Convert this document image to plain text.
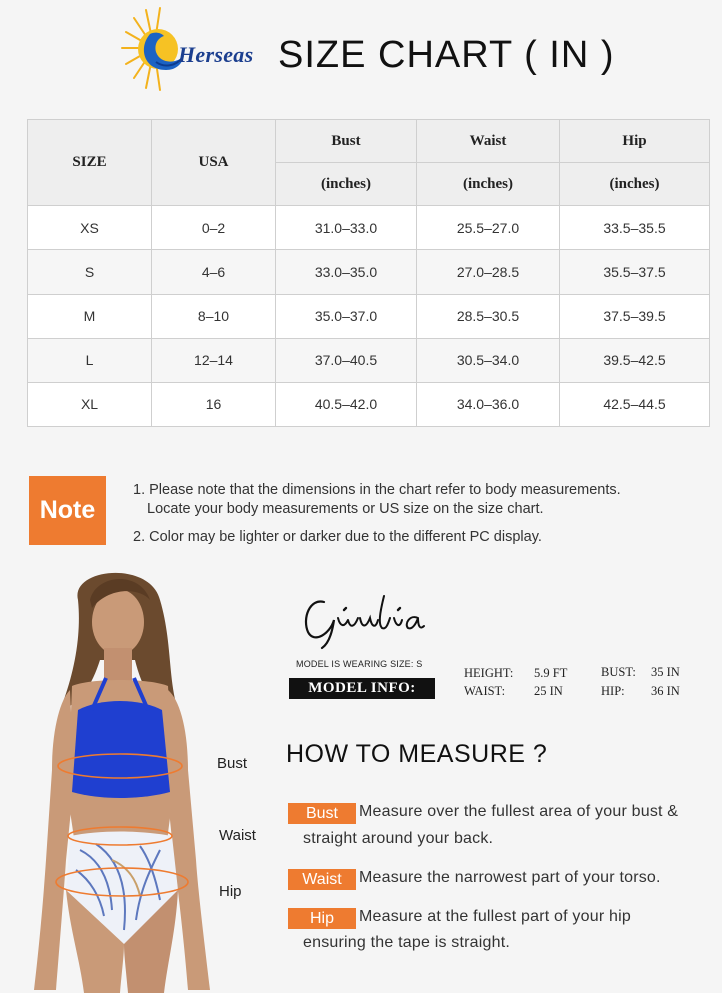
Herseas SIZE CHART ( IN )
SIZE	USA	Bust	Waist	Hip
		(inches)	(inches)	(inches)
XS	0–2	31.0–33.0	25.5–27.0	33.5–35.5
S	4–6	33.0–35.0	27.0–28.5	35.5–37.5
M	8–10	35.0–37.0	28.5–30.5	37.5–39.5
L	12–14	37.0–40.5	30.5–34.0	39.5–42.5
XL	16	40.5–42.0	34.0–36.0	42.5–44.5
Note
1. Please note that the dimensions in the chart refer to body measurements.
Locate your body measurements or US size on the size chart.
2. Color may be lighter or darker due to the different PC display.
MODEL IS WEARING SIZE: S
MODEL INFO:
HEIGHT: 5.9 FT
WAIST: 25 IN
BUST: 35 IN
HIP: 36 IN
Bust
Waist
Hip
HOW TO MEASURE ?
Bust	Measure over the fullest area of your bust &
straight around your back.
Waist	Measure the narrowest part of your torso.
Hip	Measure at the fullest part of your hip
ensuring the tape is straight.
